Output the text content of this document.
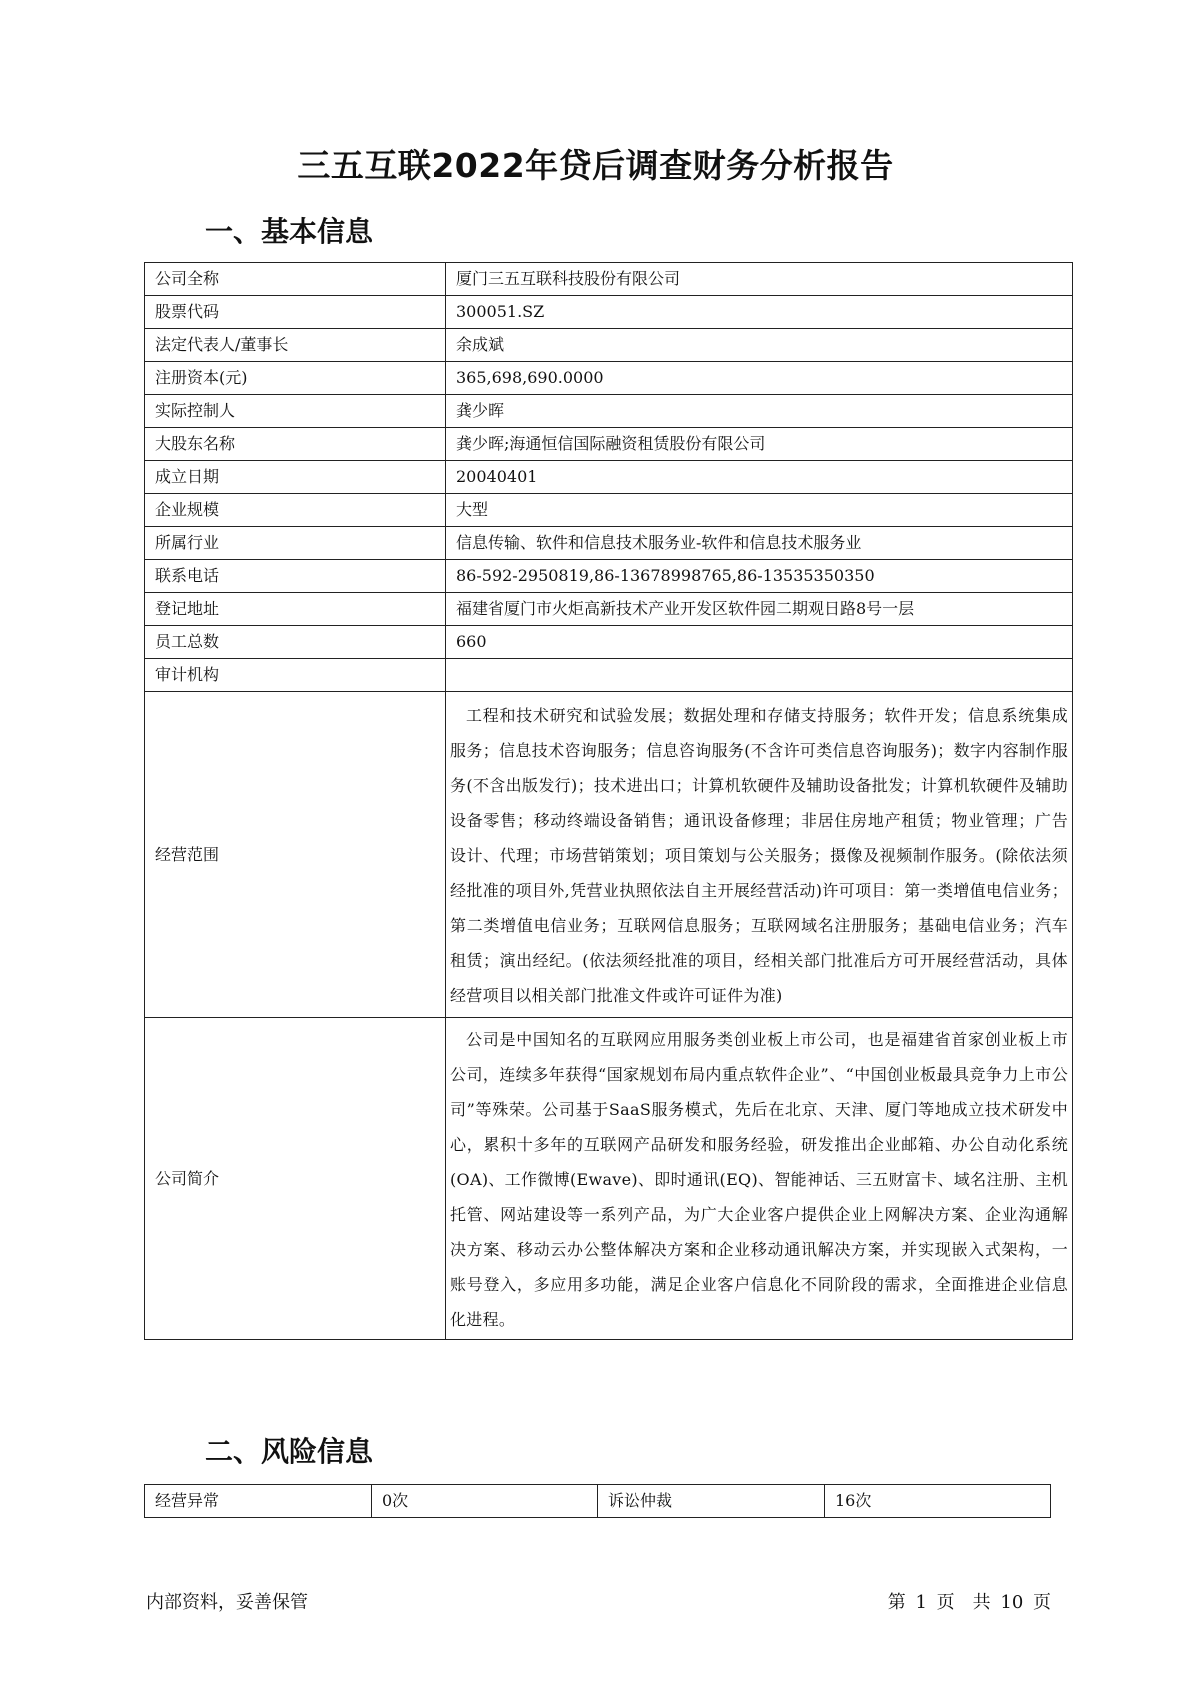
三五互联2022年贷后调查财务分析报告
一、基本信息
公司全称	厦门三五互联科技股份有限公司
股票代码	300051.SZ
法定代表人/董事长	余成斌
注册资本(元)	365,698,690.0000
实际控制人	龚少晖
大股东名称	龚少晖;海通恒信国际融资租赁股份有限公司
成立日期	20040401
企业规模	大型
所属行业	信息传输、软件和信息技术服务业-软件和信息技术服务业
联系电话	86-592-2950819,86-13678998765,86-13535350350
登记地址	福建省厦门市火炬高新技术产业开发区软件园二期观日路8号一层
员工总数	660
审计机构	
经营范围	工程和技术研究和试验发展；数据处理和存储支持服务；软件开发；信息系统集成服务；信息技术咨询服务；信息咨询服务(不含许可类信息咨询服务)；数字内容制作服务(不含出版发行)；技术进出口；计算机软硬件及辅助设备批发；计算机软硬件及辅助设备零售；移动终端设备销售；通讯设备修理；非居住房地产租赁；物业管理；广告设计、代理；市场营销策划；项目策划与公关服务；摄像及视频制作服务。(除依法须经批准的项目外,凭营业执照依法自主开展经营活动)许可项目：第一类增值电信业务；第二类增值电信业务；互联网信息服务；互联网域名注册服务；基础电信业务；汽车租赁；演出经纪。(依法须经批准的项目，经相关部门批准后方可开展经营活动，具体经营项目以相关部门批准文件或许可证件为准)
公司简介	公司是中国知名的互联网应用服务类创业板上市公司，也是福建省首家创业板上市公司，连续多年获得“国家规划布局内重点软件企业”、“中国创业板最具竞争力上市公司”等殊荣。公司基于SaaS服务模式，先后在北京、天津、厦门等地成立技术研发中心，累积十多年的互联网产品研发和服务经验，研发推出企业邮箱、办公自动化系统(OA)、工作微博(Ewave)、即时通讯(EQ)、智能神话、三五财富卡、域名注册、主机托管、网站建设等一系列产品，为广大企业客户提供企业上网解决方案、企业沟通解决方案、移动云办公整体解决方案和企业移动通讯解决方案，并实现嵌入式架构，一账号登入，多应用多功能，满足企业客户信息化不同阶段的需求，全面推进企业信息化进程。
二、风险信息
经营异常	0次	诉讼仲裁	16次
内部资料，妥善保管	第 1 页　共 10 页
